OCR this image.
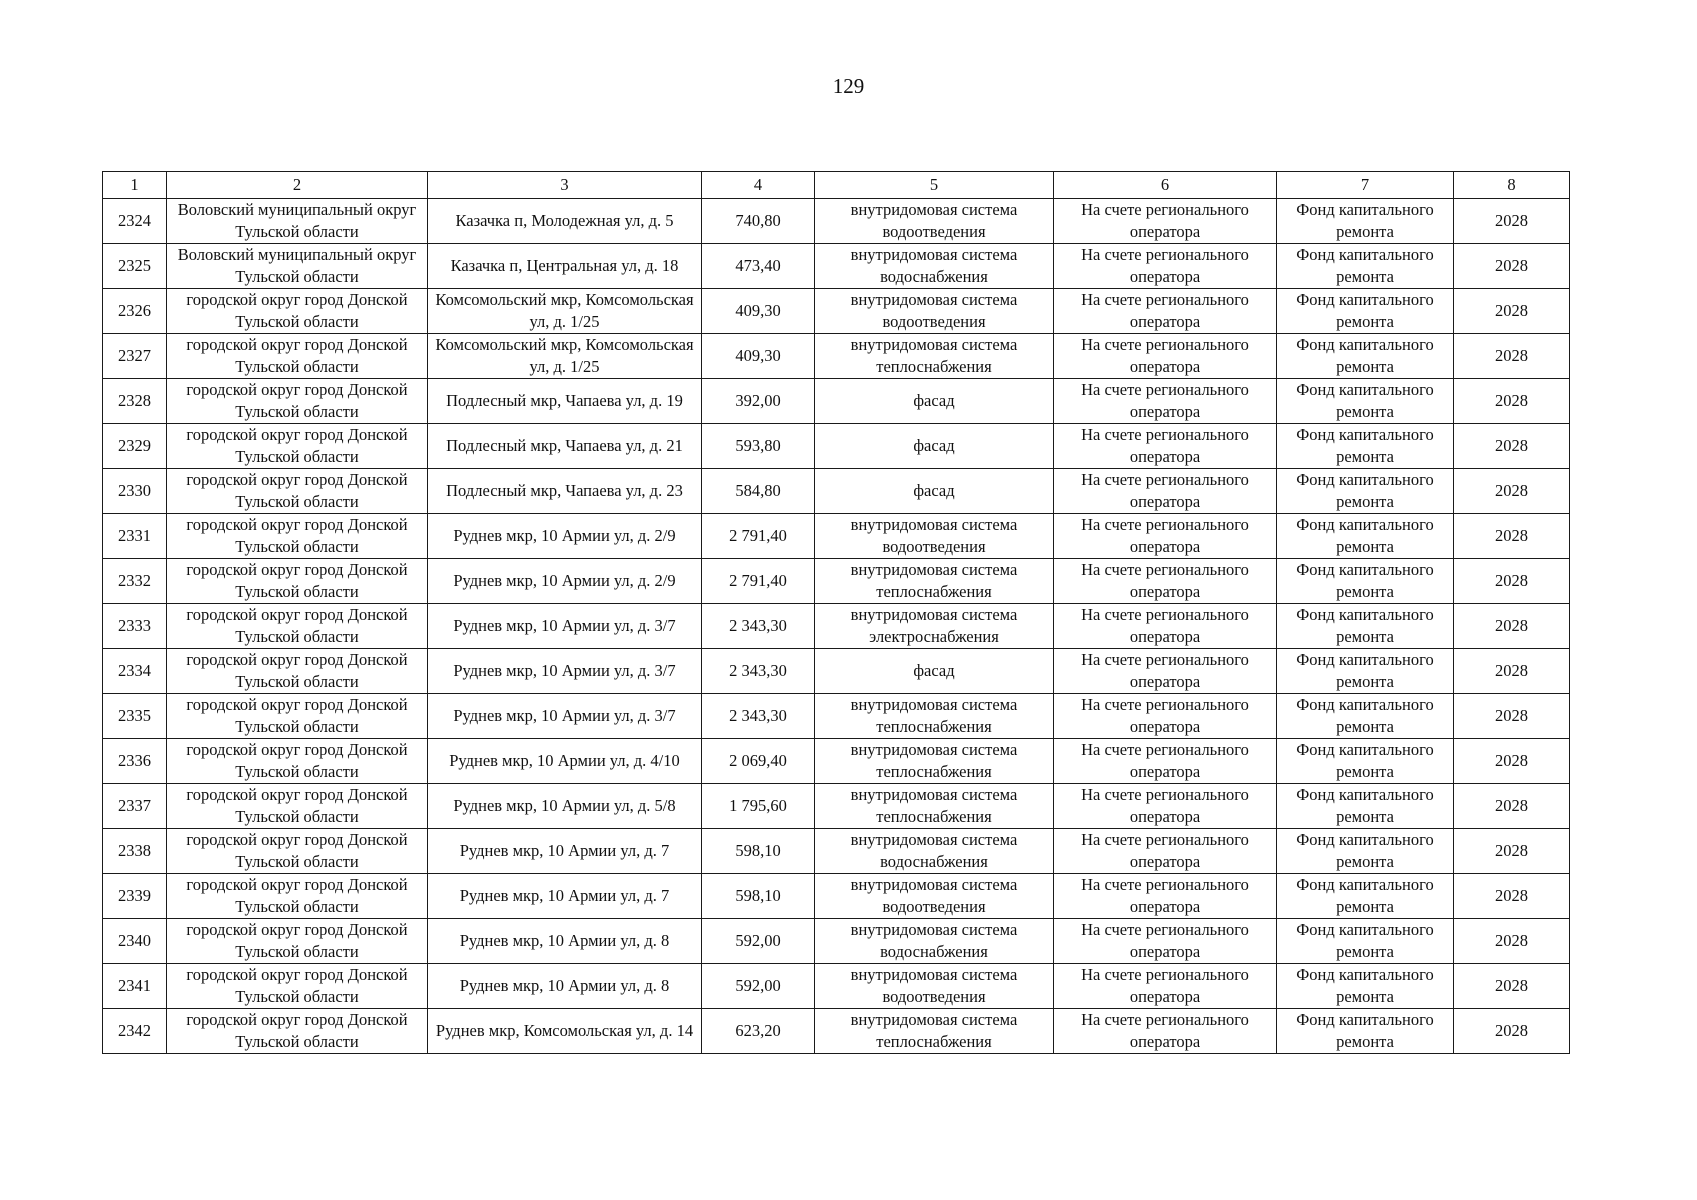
129
1	2	3	4	5	6	7	8
2324	Воловский муниципальный округ Тульской области	Казачка п, Молодежная ул, д. 5	740,80	внутридомовая система водоотведения	На счете регионального оператора	Фонд капитального ремонта	2028
2325	Воловский муниципальный округ Тульской области	Казачка п, Центральная ул, д. 18	473,40	внутридомовая система водоснабжения	На счете регионального оператора	Фонд капитального ремонта	2028
2326	городской округ город Донской Тульской области	Комсомольский мкр, Комсомольская ул, д. 1/25	409,30	внутридомовая система водоотведения	На счете регионального оператора	Фонд капитального ремонта	2028
2327	городской округ город Донской Тульской области	Комсомольский мкр, Комсомольская ул, д. 1/25	409,30	внутридомовая система теплоснабжения	На счете регионального оператора	Фонд капитального ремонта	2028
2328	городской округ город Донской Тульской области	Подлесный мкр, Чапаева ул, д. 19	392,00	фасад	На счете регионального оператора	Фонд капитального ремонта	2028
2329	городской округ город Донской Тульской области	Подлесный мкр, Чапаева ул, д. 21	593,80	фасад	На счете регионального оператора	Фонд капитального ремонта	2028
2330	городской округ город Донской Тульской области	Подлесный мкр, Чапаева ул, д. 23	584,80	фасад	На счете регионального оператора	Фонд капитального ремонта	2028
2331	городской округ город Донской Тульской области	Руднев мкр, 10 Армии ул, д. 2/9	2 791,40	внутридомовая система водоотведения	На счете регионального оператора	Фонд капитального ремонта	2028
2332	городской округ город Донской Тульской области	Руднев мкр, 10 Армии ул, д. 2/9	2 791,40	внутридомовая система теплоснабжения	На счете регионального оператора	Фонд капитального ремонта	2028
2333	городской округ город Донской Тульской области	Руднев мкр, 10 Армии ул, д. 3/7	2 343,30	внутридомовая система электроснабжения	На счете регионального оператора	Фонд капитального ремонта	2028
2334	городской округ город Донской Тульской области	Руднев мкр, 10 Армии ул, д. 3/7	2 343,30	фасад	На счете регионального оператора	Фонд капитального ремонта	2028
2335	городской округ город Донской Тульской области	Руднев мкр, 10 Армии ул, д. 3/7	2 343,30	внутридомовая система теплоснабжения	На счете регионального оператора	Фонд капитального ремонта	2028
2336	городской округ город Донской Тульской области	Руднев мкр, 10 Армии ул, д. 4/10	2 069,40	внутридомовая система теплоснабжения	На счете регионального оператора	Фонд капитального ремонта	2028
2337	городской округ город Донской Тульской области	Руднев мкр, 10 Армии ул, д. 5/8	1 795,60	внутридомовая система теплоснабжения	На счете регионального оператора	Фонд капитального ремонта	2028
2338	городской округ город Донской Тульской области	Руднев мкр, 10 Армии ул, д. 7	598,10	внутридомовая система водоснабжения	На счете регионального оператора	Фонд капитального ремонта	2028
2339	городской округ город Донской Тульской области	Руднев мкр, 10 Армии ул, д. 7	598,10	внутридомовая система водоотведения	На счете регионального оператора	Фонд капитального ремонта	2028
2340	городской округ город Донской Тульской области	Руднев мкр, 10 Армии ул, д. 8	592,00	внутридомовая система водоснабжения	На счете регионального оператора	Фонд капитального ремонта	2028
2341	городской округ город Донской Тульской области	Руднев мкр, 10 Армии ул, д. 8	592,00	внутридомовая система водоотведения	На счете регионального оператора	Фонд капитального ремонта	2028
2342	городской округ город Донской Тульской области	Руднев мкр, Комсомольская ул, д. 14	623,20	внутридомовая система теплоснабжения	На счете регионального оператора	Фонд капитального ремонта	2028
